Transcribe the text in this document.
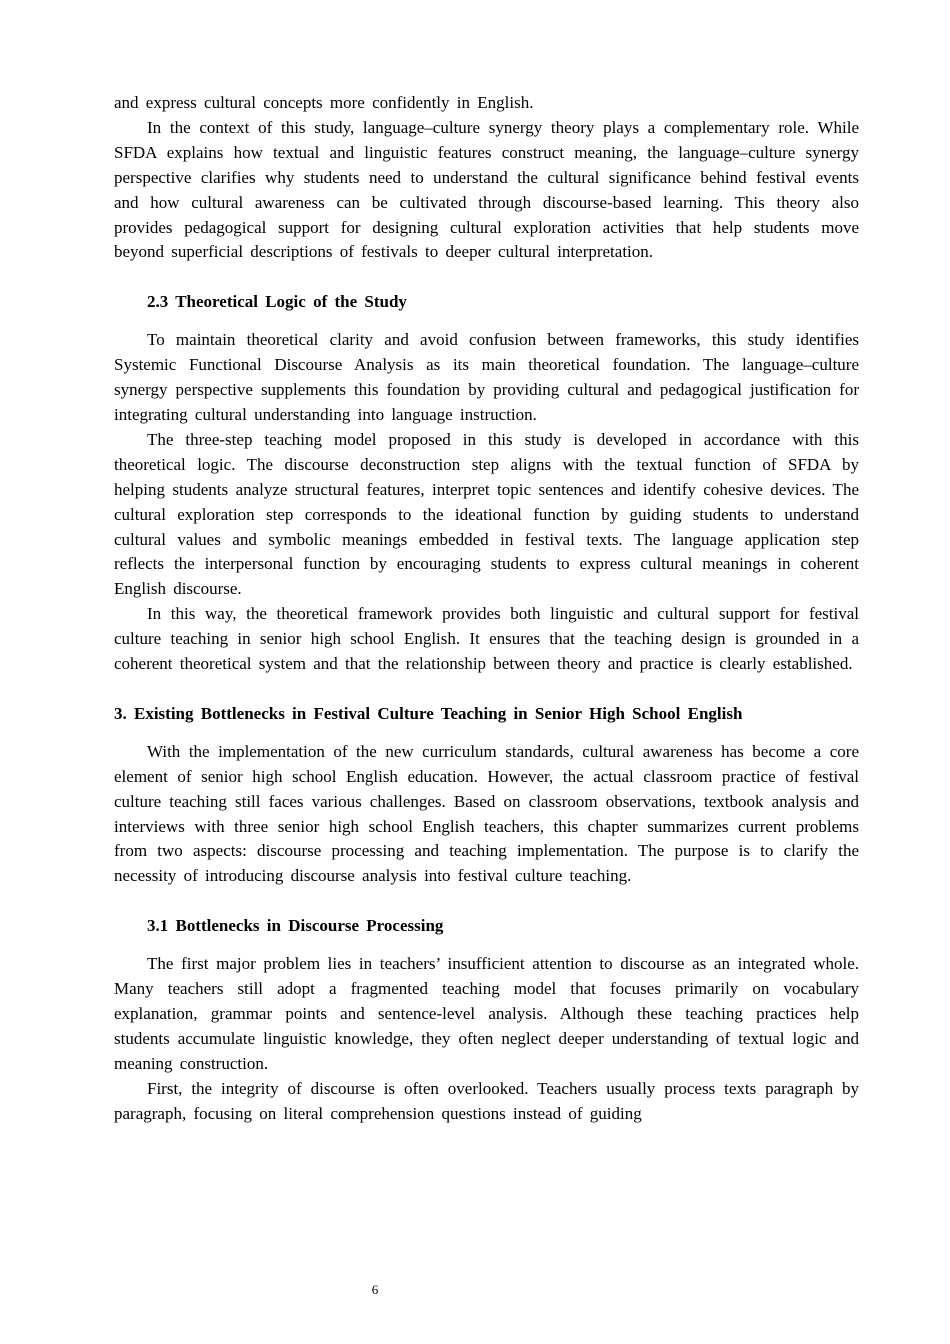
and express cultural concepts more confidently in English.

In the context of this study, language–culture synergy theory plays a complementary role. While SFDA explains how textual and linguistic features construct meaning, the language–culture synergy perspective clarifies why students need to understand the cultural significance behind festival events and how cultural awareness can be cultivated through discourse-based learning. This theory also provides pedagogical support for designing cultural exploration activities that help students move beyond superficial descriptions of festivals to deeper cultural interpretation.

2.3 Theoretical Logic of the Study

To maintain theoretical clarity and avoid confusion between frameworks, this study identifies Systemic Functional Discourse Analysis as its main theoretical foundation. The language–culture synergy perspective supplements this foundation by providing cultural and pedagogical justification for integrating cultural understanding into language instruction.

The three-step teaching model proposed in this study is developed in accordance with this theoretical logic. The discourse deconstruction step aligns with the textual function of SFDA by helping students analyze structural features, interpret topic sentences and identify cohesive devices. The cultural exploration step corresponds to the ideational function by guiding students to understand cultural values and symbolic meanings embedded in festival texts. The language application step reflects the interpersonal function by encouraging students to express cultural meanings in coherent English discourse.

In this way, the theoretical framework provides both linguistic and cultural support for festival culture teaching in senior high school English. It ensures that the teaching design is grounded in a coherent theoretical system and that the relationship between theory and practice is clearly established.

3. Existing Bottlenecks in Festival Culture Teaching in Senior High School English

With the implementation of the new curriculum standards, cultural awareness has become a core element of senior high school English education. However, the actual classroom practice of festival culture teaching still faces various challenges. Based on classroom observations, textbook analysis and interviews with three senior high school English teachers, this chapter summarizes current problems from two aspects: discourse processing and teaching implementation. The purpose is to clarify the necessity of introducing discourse analysis into festival culture teaching.

3.1 Bottlenecks in Discourse Processing

The first major problem lies in teachers’ insufficient attention to discourse as an integrated whole. Many teachers still adopt a fragmented teaching model that focuses primarily on vocabulary explanation, grammar points and sentence-level analysis. Although these teaching practices help students accumulate linguistic knowledge, they often neglect deeper understanding of textual logic and meaning construction.

First, the integrity of discourse is often overlooked. Teachers usually process texts paragraph by paragraph, focusing on literal comprehension questions instead of guiding

6
